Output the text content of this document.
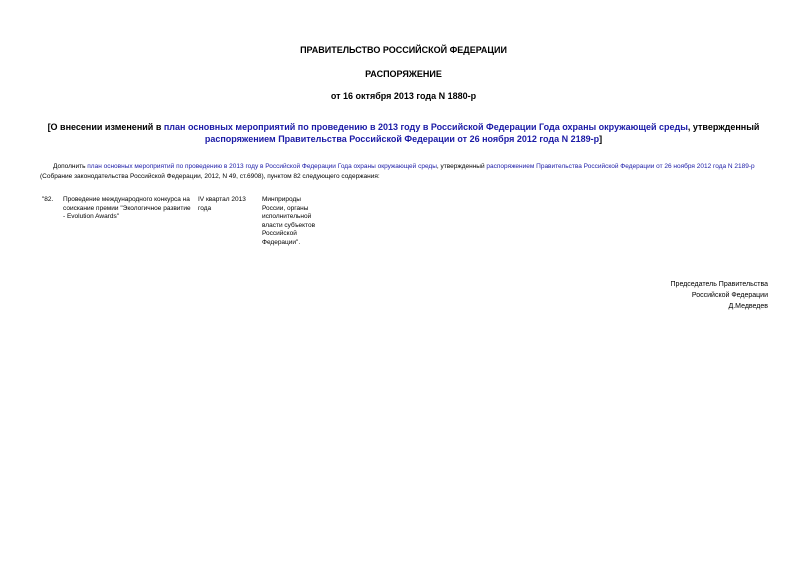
ПРАВИТЕЛЬСТВО РОССИЙСКОЙ ФЕДЕРАЦИИ
РАСПОРЯЖЕНИЕ
от 16 октября 2013 года N 1880-р
[О внесении изменений в план основных мероприятий по проведению в 2013 году в Российской Федерации Года охраны окружающей среды, утвержденный распоряжением Правительства Российской Федерации от 26 ноября 2012 года N 2189-р]
Дополнить план основных мероприятий по проведению в 2013 году в Российской Федерации Года охраны окружающей среды, утвержденный распоряжением Правительства Российской Федерации от 26 ноября 2012 года N 2189-р (Собрание законодательства Российской Федерации, 2012, N 49, ст.6908), пунктом 82 следующего содержания:
"82. Проведение международного конкурса на соискание премии "Экологичное развитие - Evolution Awards"
IV квартал 2013 года
Минприроды России, органы исполнительной власти субъектов Российской Федерации".
Председатель Правительства
Российской Федерации
Д.Медведев
